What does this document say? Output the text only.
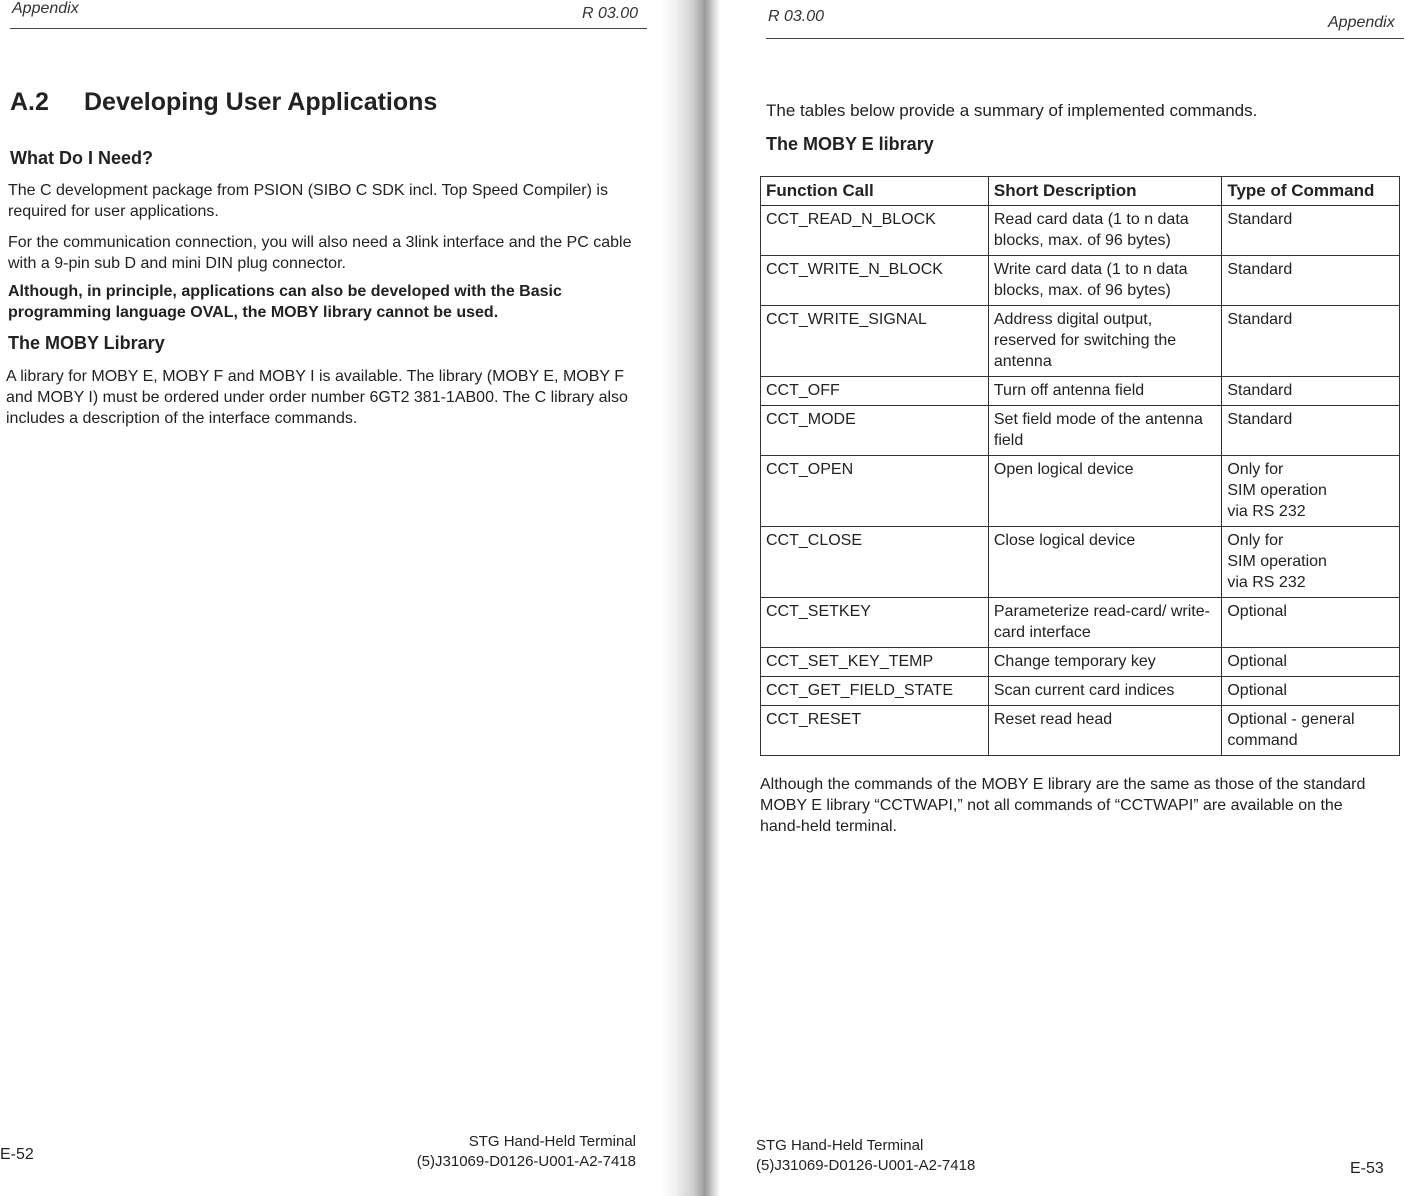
Appendix	R 03.00
A.2 Developing User Applications
What Do I Need?
The C development package from PSION (SIBO C SDK incl. Top Speed Compiler) is required for user applications.
For the communication connection, you will also need a 3link interface and the PC cable with a 9-pin sub D and mini DIN plug connector.
Although, in principle, applications can also be developed with the Basic programming language OVAL, the MOBY library cannot be used.
The MOBY Library
A library for MOBY E, MOBY F and MOBY I is available. The library (MOBY E, MOBY F and MOBY I) must be ordered under order number 6GT2 381-1AB00. The C library also includes a description of the interface commands.
STG Hand-Held Terminal
(5)J31069-D0126-U001-A2-7418
E-52
R 03.00	Appendix
The tables below provide a summary of implemented commands.
The MOBY E library
Function Call	Short Description	Type of Command
CCT_READ_N_BLOCK	Read card data (1 to n data blocks, max. of 96 bytes)	Standard
CCT_WRITE_N_BLOCK	Write card data (1 to n data blocks, max. of 96 bytes)	Standard
CCT_WRITE_SIGNAL	Address digital output, reserved for switching the antenna	Standard
CCT_OFF	Turn off antenna field	Standard
CCT_MODE	Set field mode of the antenna field	Standard
CCT_OPEN	Open logical device	Only for
SIM operation
via RS 232
CCT_CLOSE	Close logical device	Only for
SIM operation
via RS 232
CCT_SETKEY	Parameterize read-card/ write-card interface	Optional
CCT_SET_KEY_TEMP	Change temporary key	Optional
CCT_GET_FIELD_STATE	Scan current card indices	Optional
CCT_RESET	Reset read head	Optional - general command
Although the commands of the MOBY E library are the same as those of the standard MOBY E library “CCTWAPI,” not all commands of “CCTWAPI” are available on the hand-held terminal.
STG Hand-Held Terminal
(5)J31069-D0126-U001-A2-7418	E-53
